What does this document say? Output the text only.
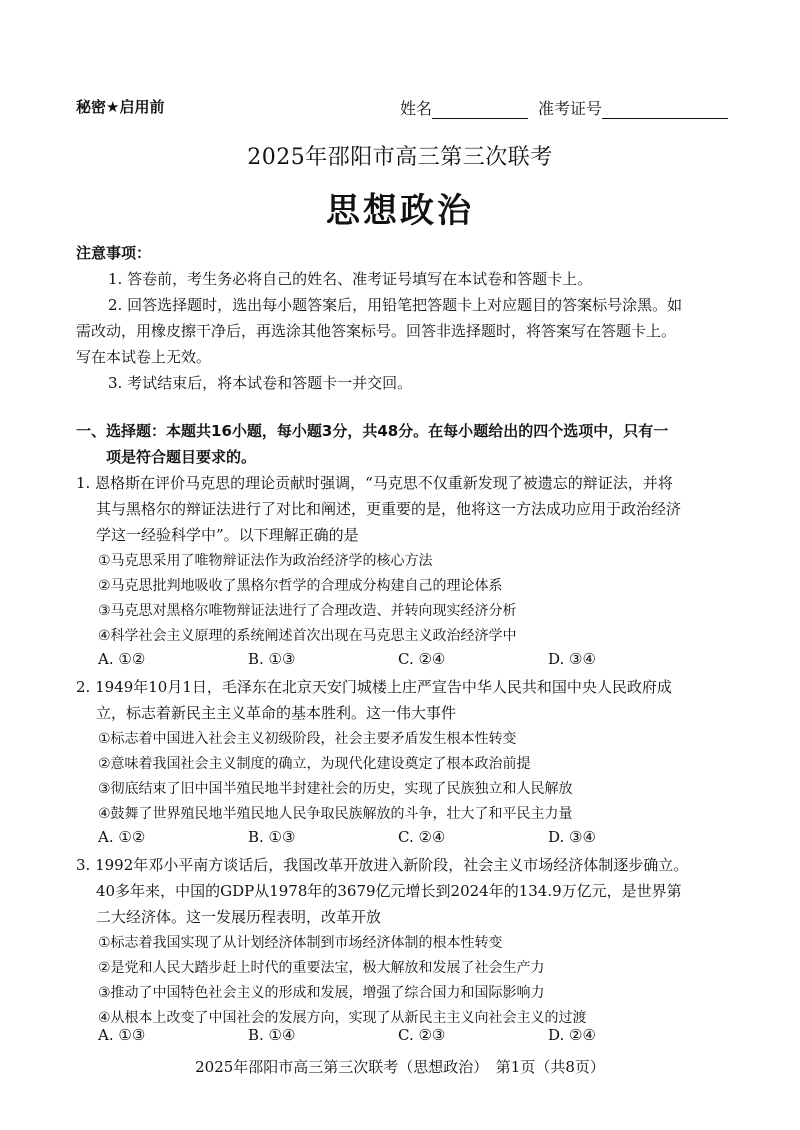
秘密★启用前	姓名	准考证号
2025年邵阳市高三第三次联考
思想政治
注意事项：
1. 答卷前，考生务必将自己的姓名、准考证号填写在本试卷和答题卡上。
2. 回答选择题时，选出每小题答案后，用铅笔把答题卡上对应题目的答案标号涂黑。如
需改动，用橡皮擦干净后，再选涂其他答案标号。回答非选择题时，将答案写在答题卡上。
写在本试卷上无效。
3. 考试结束后，将本试卷和答题卡一并交回。
一、选择题：本题共16小题，每小题3分，共48分。在每小题给出的四个选项中，只有一
项是符合题目要求的。
1. 恩格斯在评价马克思的理论贡献时强调，“马克思不仅重新发现了被遗忘的辩证法，并将
其与黑格尔的辩证法进行了对比和阐述，更重要的是，他将这一方法成功应用于政治经济
学这一经验科学中”。以下理解正确的是
①马克思采用了唯物辩证法作为政治经济学的核心方法
②马克思批判地吸收了黑格尔哲学的合理成分构建自己的理论体系
③马克思对黑格尔唯物辩证法进行了合理改造、并转向现实经济分析
④科学社会主义原理的系统阐述首次出现在马克思主义政治经济学中
A. ①②	B. ①③	C. ②④	D. ③④
2. 1949年10月1日，毛泽东在北京天安门城楼上庄严宣告中华人民共和国中央人民政府成
立，标志着新民主主义革命的基本胜利。这一伟大事件
①标志着中国进入社会主义初级阶段，社会主要矛盾发生根本性转变
②意味着我国社会主义制度的确立，为现代化建设奠定了根本政治前提
③彻底结束了旧中国半殖民地半封建社会的历史，实现了民族独立和人民解放
④鼓舞了世界殖民地半殖民地人民争取民族解放的斗争，壮大了和平民主力量
A. ①②	B. ①③	C. ②④	D. ③④
3. 1992年邓小平南方谈话后，我国改革开放进入新阶段，社会主义市场经济体制逐步确立。
40多年来，中国的GDP从1978年的3679亿元增长到2024年的134.9万亿元，是世界第
二大经济体。这一发展历程表明，改革开放
①标志着我国实现了从计划经济体制到市场经济体制的根本性转变
②是党和人民大踏步赶上时代的重要法宝，极大解放和发展了社会生产力
③推动了中国特色社会主义的形成和发展，增强了综合国力和国际影响力
④从根本上改变了中国社会的发展方向，实现了从新民主主义向社会主义的过渡
A. ①③	B. ①④	C. ②③	D. ②④
2025年邵阳市高三第三次联考（思想政治）　第1页（共8页）
